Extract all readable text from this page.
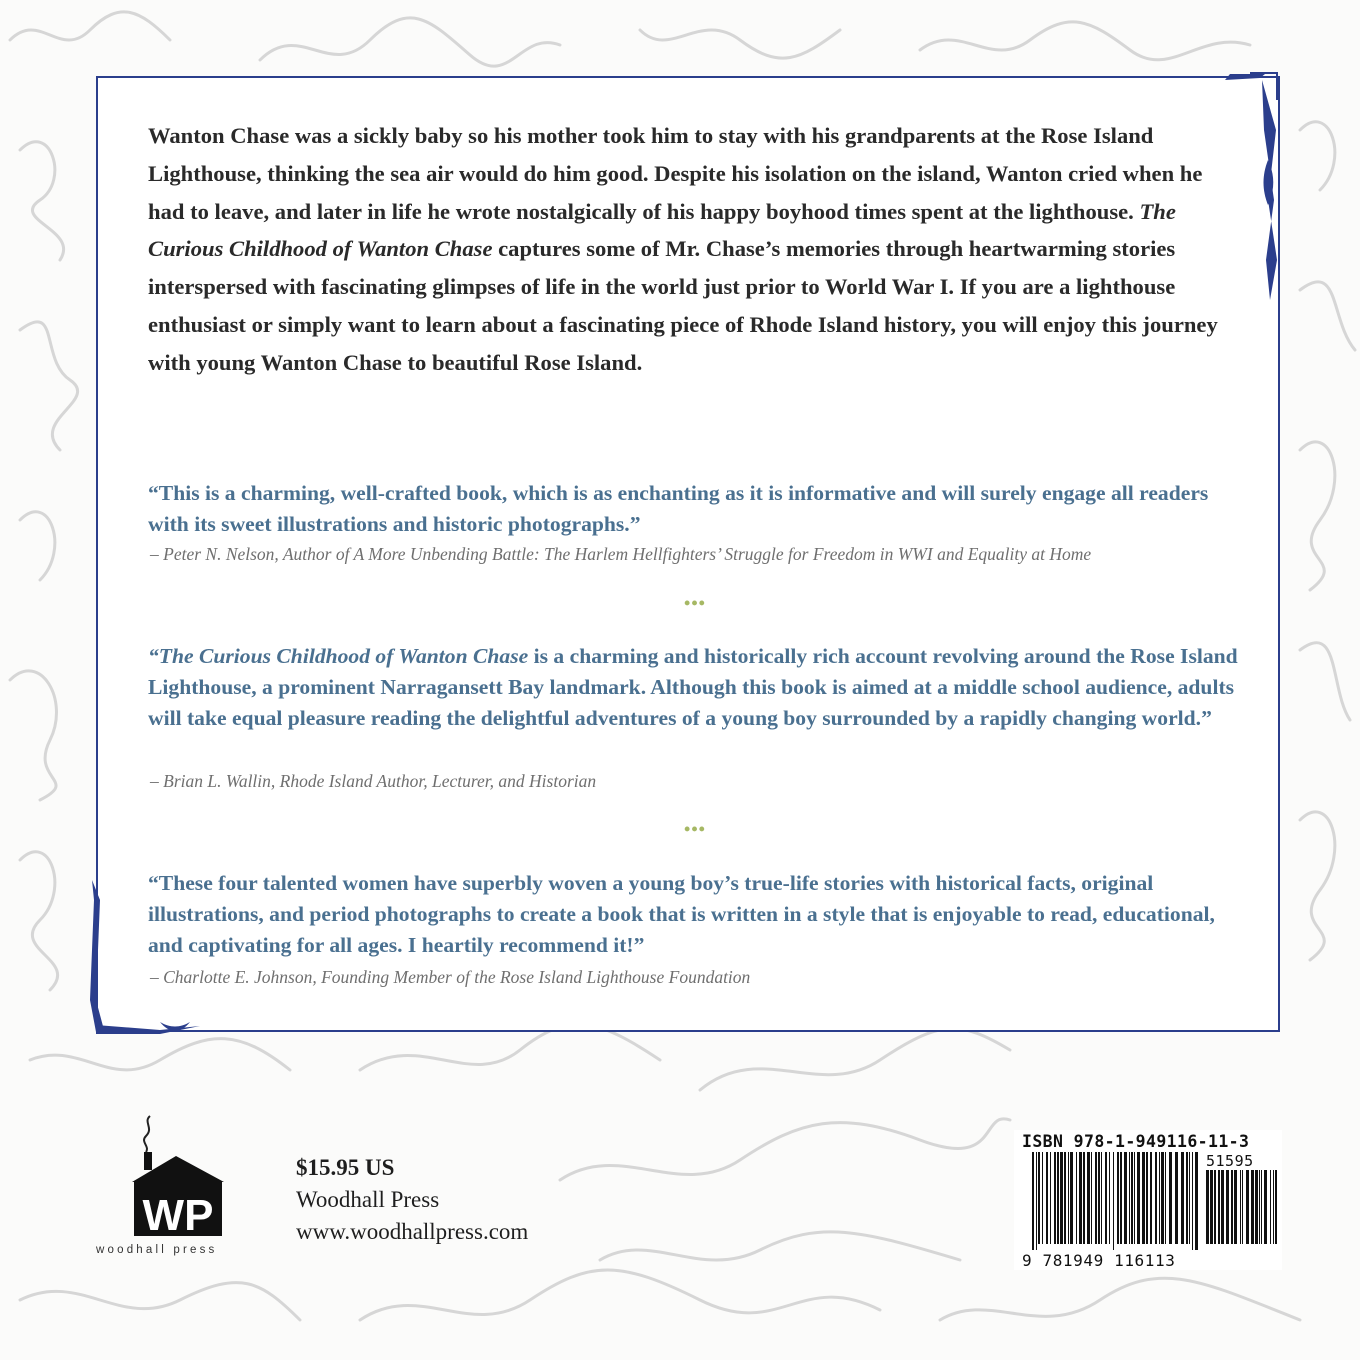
Wanton Chase was a sickly baby so his mother took him to stay with his grandparents at the Rose Island Lighthouse, thinking the sea air would do him good. Despite his isolation on the island, Wanton cried when he had to leave, and later in life he wrote nostalgically of his happy boyhood times spent at the lighthouse. The Curious Childhood of Wanton Chase captures some of Mr. Chase’s memories through heartwarming stories interspersed with fascinating glimpses of life in the world just prior to World War I. If you are a lighthouse enthusiast or simply want to learn about a fascinating piece of Rhode Island history, you will enjoy this journey with young Wanton Chase to beautiful Rose Island.

“This is a charming, well-crafted book, which is as enchanting as it is informative and will surely engage all readers with its sweet illustrations and historic photographs.”

– Peter N. Nelson, Author of A More Unbending Battle: The Harlem Hellfighters’ Struggle for Freedom in WWI and Equality at Home

•••

“The Curious Childhood of Wanton Chase is a charming and historically rich account revolving around the Rose Island Lighthouse, a prominent Narragansett Bay landmark. Although this book is aimed at a middle school audience, adults will take equal pleasure reading the delightful adventures of a young boy surrounded by a rapidly changing world.”

– Brian L. Wallin, Rhode Island Author, Lecturer, and Historian

•••

“These four talented women have superbly woven a young boy’s true-life stories with historical facts, original illustrations, and period photographs to create a book that is written in a style that is enjoyable to read, educational, and captivating for all ages. I heartily recommend it!”

– Charlotte E. Johnson, Founding Member of the Rose Island Lighthouse Foundation

WP
woodhall press
$15.95 US
Woodhall Press
www.woodhallpress.com
ISBN 978-1-949116-11-3
51595
9 781949 116113
